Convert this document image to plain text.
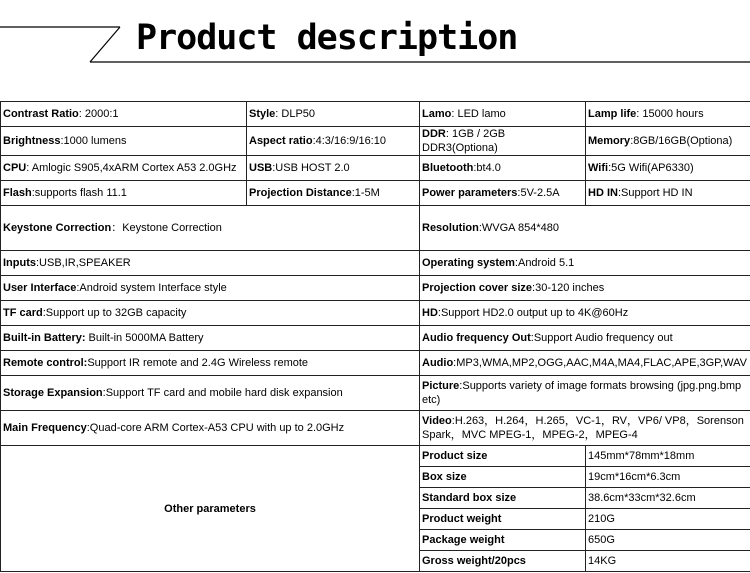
Product description
Contrast Ratio: 2000:1	Style: DLP50	Lamo: LED lamo	Lamp life: 15000 hours
Brightness:1000 lumens	Aspect ratio:4:3/16:9/16:10	DDR: 1GB / 2GB DDR3(Optiona)	Memory:8GB/16GB(Optiona)
CPU: Amlogic S905,4xARM Cortex A53 2.0GHz	USB:USB HOST 2.0	Bluetooth:bt4.0	Wifi:5G Wifi(AP6330)
Flash:supports flash 11.1	Projection Distance:1-5M	Power parameters:5V-2.5A	HD IN:Support HD IN
Keystone Correction：Keystone Correction		Resolution:WVGA 854*480	
Inputs:USB,IR,SPEAKER		Operating system:Android 5.1	
User Interface:Android system Interface style		Projection cover size:30-120 inches	
TF card:Support up to 32GB capacity		HD:Support HD2.0 output up to 4K@60Hz	
Built-in Battery: Built-in 5000MA Battery		Audio frequency Out:Support Audio frequency out	
Remote control:Support IR remote and 2.4G Wireless remote		Audio:MP3,WMA,MP2,OGG,AAC,M4A,MA4,FLAC,APE,3GP,WAV	
Storage Expansion:Support TF card and mobile hard disk expansion		Picture:Supports variety of image formats browsing (jpg.png.bmp etc)	
Main Frequency:Quad-core ARM Cortex-A53 CPU with up to 2.0GHz		Video:H.263，H.264，H.265，VC-1，RV，VP6/ VP8，Sorenson Spark，MVC MPEG-1，MPEG-2，MPEG-4	
Other parameters		Product size	145mm*78mm*18mm
		Box size	19cm*16cm*6.3cm
		Standard box size	38.6cm*33cm*32.6cm
		Product weight	210G
		Package weight	650G
		Gross weight/20pcs	14KG
